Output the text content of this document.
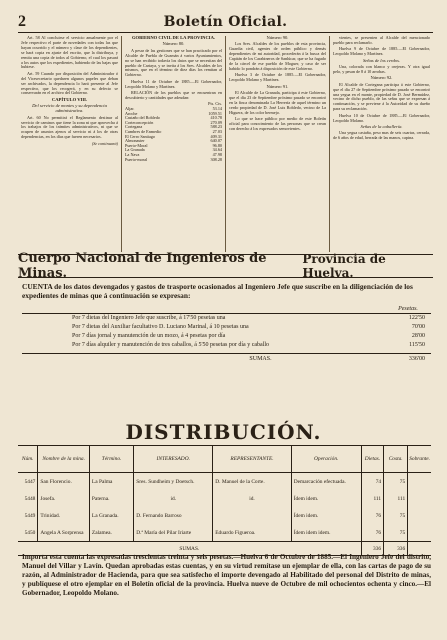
2	Boletín Oficial.

Art. 58 Al concluirse el servicio anualmente por el Jefe respectivo el parte de novedades con todas las que hayan ocurrido y el número y clase de los dependientes, se hará copia en ajuste del escrito, que la distribuya, y remita una copia de todos al Gobierno, el cual los pasará a los autos que los expedientes, habiendo de las bajas que hubiese.

Art. 59 Cuando por disposición del Administrador ó del Vicesecretario quedaren algunos papeles que deban ser archivados, la dependencia lo hará presente al Jefe respectivo, que los recogerá, y en su defecto se conservarán en el archivo del Gobierno.

CAPÍTULO VIII.

Del servicio de montes y su dependencia administrativa.

Art. 60 No permitirá el Reglamento destinar al servicio de caminos que tiene la zona ni que aprovecha á los trabajos de los trámites administrativos, ni que se ocupen de asuntos ajenos al servicio ni á los de otras dependencias, en los días que fueren necesarios.

(Se continuará)

GOBIERNO CIVIL DE LA PROVINCIA.

Número 80.

A pesar de las gestiones que se han practicado por el Alcalde de Puebla de Guzmán á varios Ayuntamientos, no se han recibido todavía los datos que se necesitan del pueblo de Cartaya, y se invita á los Sres. Alcaldes de los mismos, que en el término de diez días los remitan al Gobierno.

Huelva 11 de Octubre de 1885.—El Gobernador, Leopoldo Molano y Martínez.

RELACIÓN de los pueblos que se encuentran en descubierto y cantidades que adeudan:

Pts. Cts.
Aljar.	53.14
Aroche	1059.51
Castaño del Robledo	410.78
Corteconcepción	270.09
Cortegana	588.23
Cumbres de Enmedio	27.03
El Cerro Santiago	409.31
Almonaster	640.07
Puerto-Moral	96.80
La Granada	34.64
La Nava	47.98
Puerto-moral	308.28

Número 90.

Los Sres. Alcaldes de los pueblos de esta provincia, Guardia civil, agentes de orden público y demás dependientes de mi autoridad, procederán á la busca del Capitán de los Carabineros de Sanlúcar, que se ha fugado de la cárcel de ese pueblo de Moguer, y caso de ser habido lo pondrán á disposición de este Gobierno.

Huelva 3 de Octubre de 1885.—El Gobernador, Leopoldo Molano y Martínez.

Número 91.

El Alcalde de La Granada, participa á este Gobierno, que el día 23 de Septiembre próximo pasado se encontró en la finca denominada La Herrería de aquel término un cerdo propiedad de D. José Luis Robledo, vecino de La Higuera, de los color bermejo.

Lo que se hace público por medio de este Boletín oficial para conocimiento de las personas que se crean con derecho á los expresados semovientes.

vientes, se presenten al Alcalde del mencionado pueblo para reclamarlo.

Huelva 9 de Octubre de 1885.—El Gobernador, Leopoldo Molano y Martínez.

Señas de los cerdos.

Una, colorada con blanco y orejeras. Y otra igual pelo, y pesan de 8 á 10 arrobas.

Número 92.

El Alcalde de Cortegana participa á este Gobierno, que el día 27 de Septiembre próximo pasado se encontró una yegua en el monte, propiedad de D. José Bermúdez, vecino de dicho pueblo, de las señas que se expresan á continuación, y se previene á la Autoridad de su dueño para su reclamación.

Huelva 10 de Octubre de 1885.—El Gobernador, Leopoldo Molano.

Señas de la caballería.

Una yegua castaña, peso mas de seis cuartas, cerrada, de 6 años de edad, herrada de las manos, capina.

Cuerpo Nacional de Ingenieros de Minas.
Provincia de Huelva.
CUENTA de los datos devengados y gastos de trasporte ocasionados al Ingeniero Jefe que suscribe en la diligenciación de los expedientes de minas que á continuación se expresan:
Pesetas.
Por 7 dietas del Ingeniero Jefe que suscribe, á 17'50 pesetas una	122'50
Por 7 dietas del Auxiliar facultativo D. Luciano Marinal, á 10 pesetas una	70'00
Por 7 días jornal y manutención de un mozo, á 4 pesetas por día	28'00
Por 7 días alquiler y manutención de tres caballos, á 5'50 pesetas por día y caballo	115'50
SUMAS.	336'00
DISTRIBUCIÓN.
Núm.	Nombre de la mina.	Término.	INTERESADO.	REPRESENTANTE.	Operación.	Dietas.	Costa.	Sobrante.
5447	San Florencio.	La Palma	Sres. Sundheim y Doetsch.	D. Manuel de la Corte.	Demarcación efectuada.	74	75	
5448	Josefa.	Paterna.	id.	id.	Ídem idem.	111	111	
5449	Trinidad.	La Granada.	D. Fernando Barroso		Ídem idem.	76	75	
5450	Angela A Sorprensa	Zalamea.	D.ª María del Pilar Iriarte	Eduardo Figueroa.	Ídem idem idem.	76	75	
SUMAS.						336	336	
Importa esta cuenta las expresadas trescientas treinta y seis pesetas.—Huelva 6 de Octubre de 1885.—El Ingeniero Jefe del distrito, Manuel del Villar y Lavín. Quedan aprobadas estas cuentas, y en su virtud remítase un ejemplar de ella, con las cartas de pago de su razón, al Administrador de Hacienda, para que sea satisfecho el importe devengado al Habilitado del personal del Distrito de minas, y publíquese el otro ejemplar en el Boletín oficial de la provincia. Huelva nueve de Octubre de mil ochocientos ochenta y cinco.—El Gobernador, Leopoldo Molano.
